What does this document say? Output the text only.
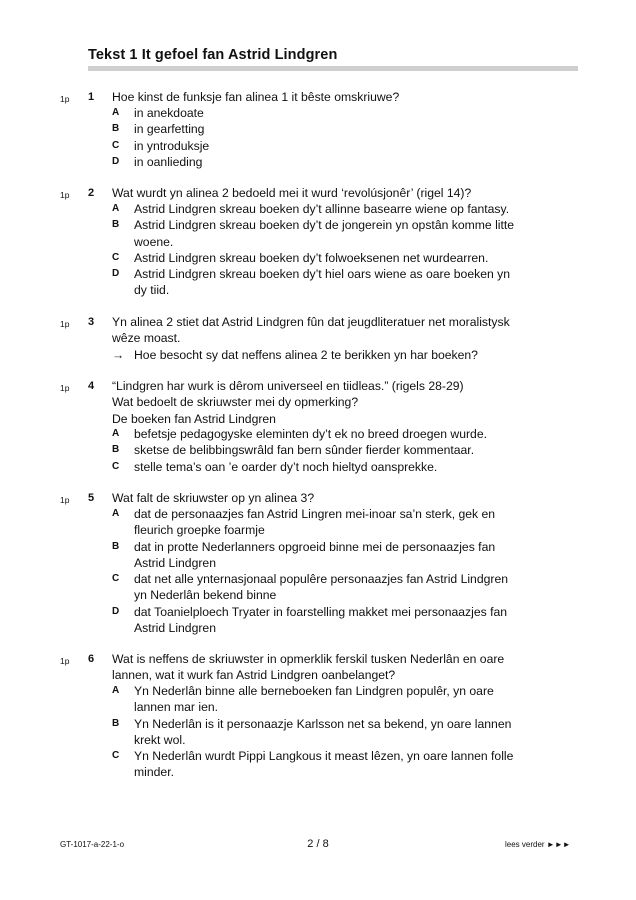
Tekst 1 It gefoel fan Astrid Lindgren
1p 1 Hoe kinst de funksje fan alinea 1 it bêste omskriuwe?
A in anekdoate
B in gearfetting
C in yntroduksje
D in oanlieding
1p 2 Wat wurdt yn alinea 2 bedoeld mei it wurd ‘revolúsjonêr’ (rigel 14)?
A Astrid Lindgren skreau boeken dy’t allinne basearre wiene op fantasy.
B Astrid Lindgren skreau boeken dy’t de jongerein yn opstân komme litte
woene.
C Astrid Lindgren skreau boeken dy’t folwoeksenen net wurdearren.
D Astrid Lindgren skreau boeken dy’t hiel oars wiene as oare boeken yn
dy tiid.
1p 3 Yn alinea 2 stiet dat Astrid Lindgren fûn dat jeugdliteratuer net moralistysk
wêze moast.
→ Hoe besocht sy dat neffens alinea 2 te berikken yn har boeken?
1p 4 “Lindgren har wurk is dêrom universeel en tiidleas.” (rigels 28-29)
Wat bedoelt de skriuwster mei dy opmerking?
De boeken fan Astrid Lindgren
A befetsje pedagogyske eleminten dy’t ek no breed droegen wurde.
B sketse de belibbingswrâld fan bern sûnder fierder kommentaar.
C stelle tema’s oan ’e oarder dy’t noch hieltyd oansprekke.
1p 5 Wat falt de skriuwster op yn alinea 3?
A dat de personaazjes fan Astrid Lingren mei-inoar sa’n sterk, gek en
fleurich groepke foarmje
B dat in protte Nederlanners opgroeid binne mei de personaazjes fan
Astrid Lindgren
C dat net alle ynternasjonaal populêre personaazjes fan Astrid Lindgren
yn Nederlân bekend binne
D dat Toanielploech Tryater in foarstelling makket mei personaazjes fan
Astrid Lindgren
1p 6 Wat is neffens de skriuwster in opmerklik ferskil tusken Nederlân en oare
lannen, wat it wurk fan Astrid Lindgren oanbelanget?
A Yn Nederlân binne alle berneboeken fan Lindgren populêr, yn oare
lannen mar ien.
B Yn Nederlân is it personaazje Karlsson net sa bekend, yn oare lannen
krekt wol.
C Yn Nederlân wurdt Pippi Langkous it meast lêzen, yn oare lannen folle
minder.
GT-1017-a-22-1-o	2 / 8	lees verder ►►►
